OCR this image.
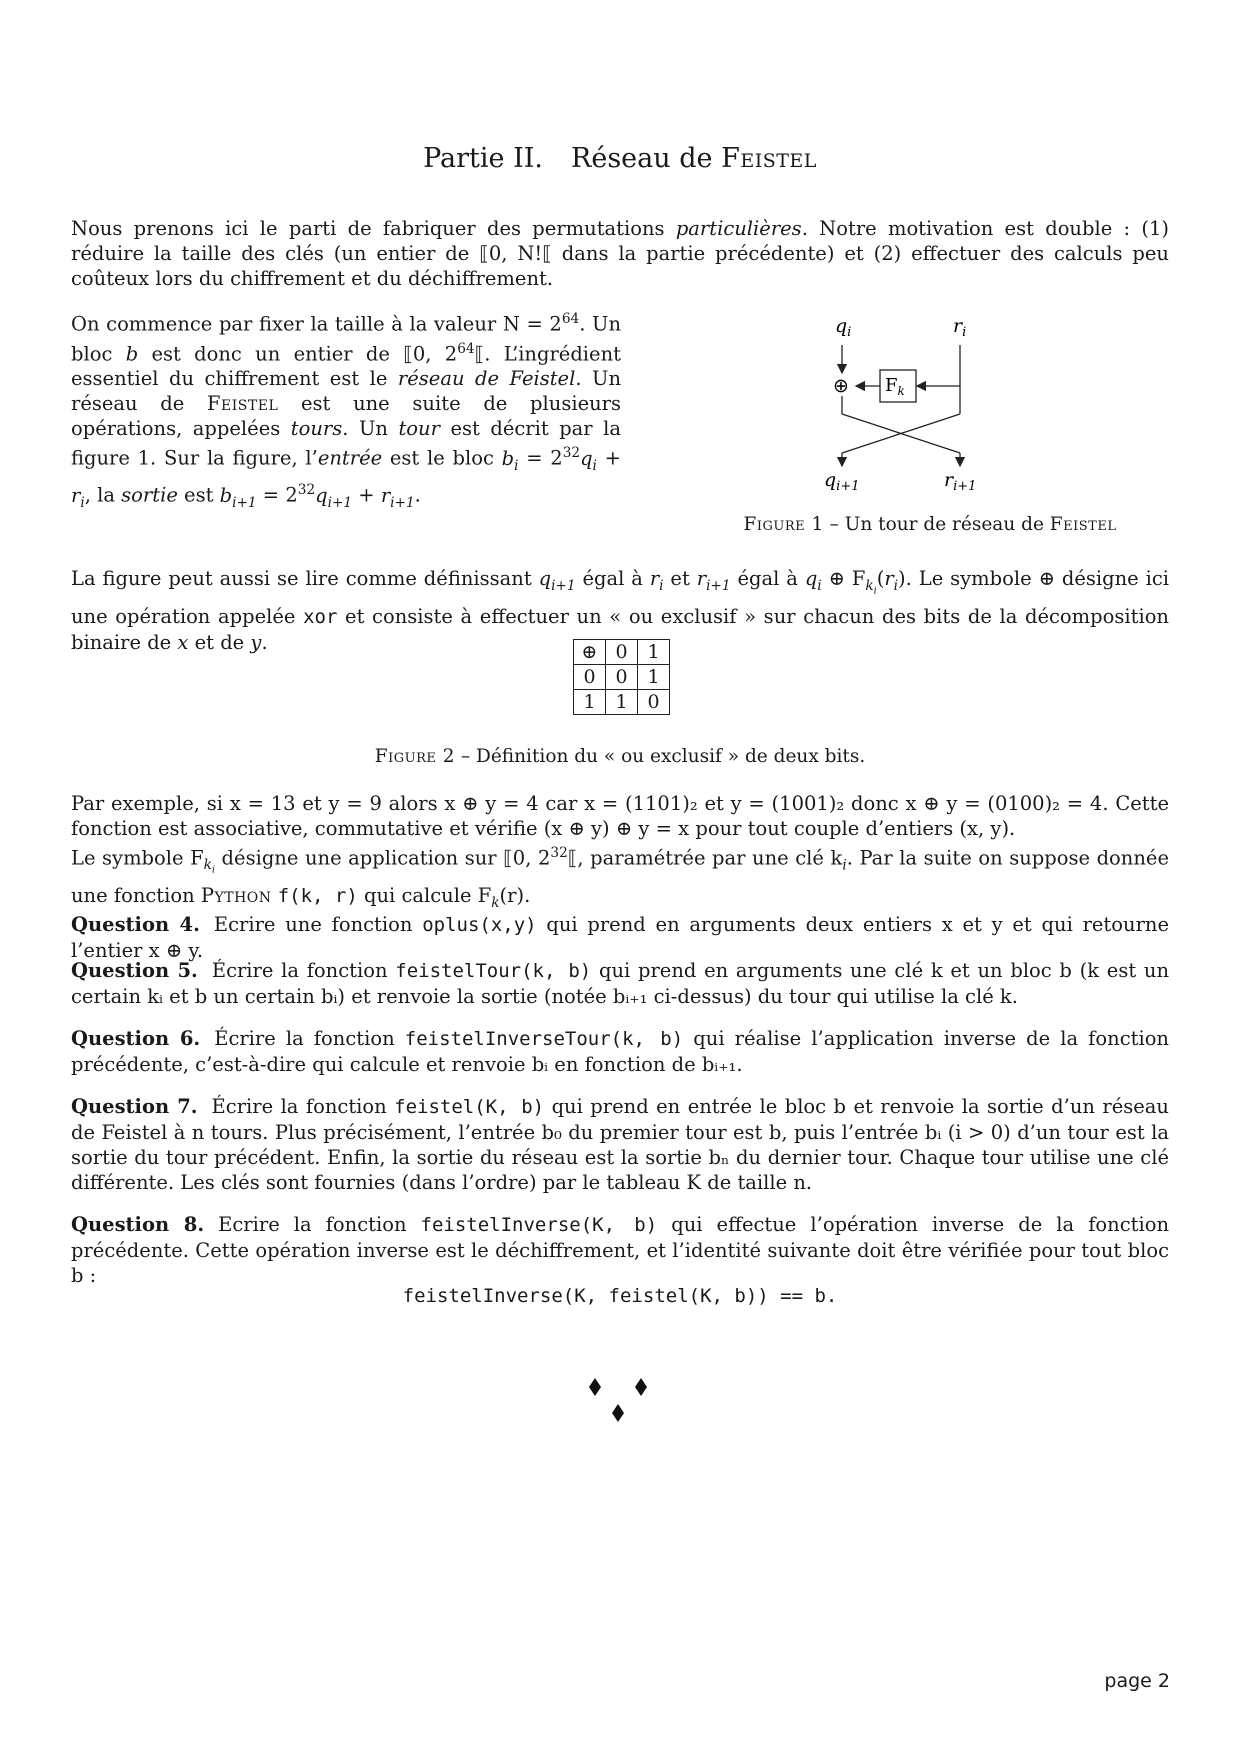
Partie II. Réseau de Feistel
Nous prenons ici le parti de fabriquer des permutations particulières. Notre motivation est double : (1) réduire la taille des clés (un entier de ⟦0, N!⟦ dans la partie précédente) et (2) effectuer des calculs peu coûteux lors du chiffrement et du déchiffrement.
On commence par fixer la taille à la valeur $N = 2^{64}$. Un bloc b est donc un entier de ⟦0, $2^{64}⟦$. L’ingrédient essentiel du chiffrement est le réseau de Feistel. Un réseau de Feistel est une suite de plusieurs opérations, appelées tours. Un tour est décrit par la figure 1. Sur la figure, l’entrée est le bloc $b_i = 2^{32}q_i + r_i$, la sortie est $b_{i+1} = 2^{32}q_{i+1} + r_{i+1}$.
$q_i$	$r_i$
⊕ $F_k$
$q_{i+1}$	$r_{i+1}$
Figure 1 – Un tour de réseau de Feistel
La figure peut aussi se lire comme définissant $q_{i+1}$ égal à $r_i$ et $r_{i+1}$ égal à $q_i$ ⊕ $F_{k_i}(r_i)$. Le symbole ⊕ désigne ici une opération appelée xor et consiste à effectuer un « ou exclusif » sur chacun des bits de la décomposition binaire de x et de y.	⊕	0	1
0	0	1
1	1	0
Figure 2 – Définition du « ou exclusif » de deux bits.
Par exemple, si x = 13 et y = 9 alors x ⊕ y = 4 car x = (1101)₂ et y = (1001)₂ donc x ⊕ y = (0100)₂ = 4. Cette fonction est associative, commutative et vérifie (x ⊕ y) ⊕ y = x pour tout couple d’entiers (x, y).
Le symbole $F_{k_i}$ désigne une application sur ⟦0, $2^{32}⟦$, paramétrée par une clé $k_i$. Par la suite on suppose donnée une fonction Python f(k, r) qui calcule $F_k(r)$.
Question 4. Ecrire une fonction oplus(x,y) qui prend en arguments deux entiers x et y et qui retourne l’entier x ⊕ y.
Question 5. Écrire la fonction feistelTour(k, b) qui prend en arguments une clé k et un bloc b (k est un certain kᵢ et b un certain bᵢ) et renvoie la sortie (notée bᵢ₊₁ ci-dessus) du tour qui utilise la clé k.
Question 6. Écrire la fonction feistelInverseTour(k, b) qui réalise l’application inverse de la fonction précédente, c’est-à-dire qui calcule et renvoie bᵢ en fonction de bᵢ₊₁.
Question 7. Écrire la fonction feistel(K, b) qui prend en entrée le bloc b et renvoie la sortie d’un réseau de Feistel à n tours. Plus précisément, l’entrée b₀ du premier tour est b, puis l’entrée bᵢ (i > 0) d’un tour est la sortie du tour précédent. Enfin, la sortie du réseau est la sortie bₙ du dernier tour. Chaque tour utilise une clé différente. Les clés sont fournies (dans l’ordre) par le tableau K de taille n.
Question 8. Ecrire la fonction feistelInverse(K, b) qui effectue l’opération inverse de la fonction précédente. Cette opération inverse est le déchiffrement, et l’identité suivante doit être vérifiée pour tout bloc b :
feistelInverse(K, feistel(K, b)) == b.
page 2
